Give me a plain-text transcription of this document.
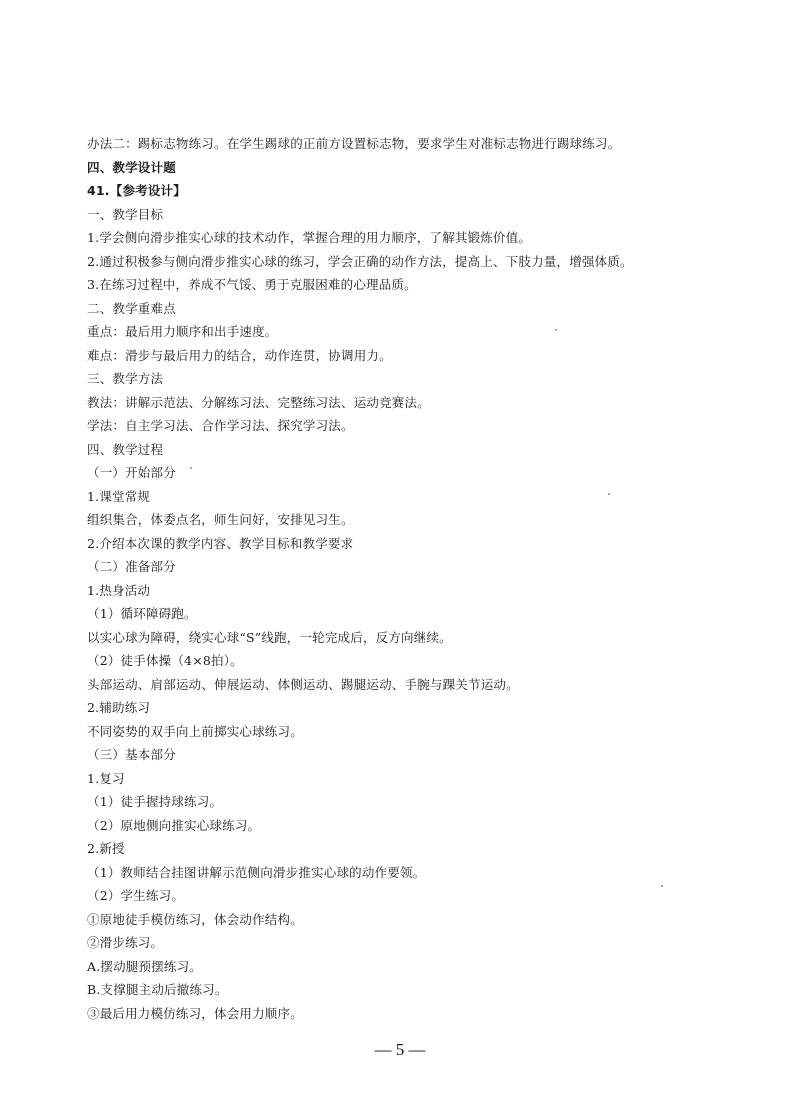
办法二：踢标志物练习。在学生踢球的正前方设置标志物，要求学生对准标志物进行踢球练习。
四、教学设计题
41.【参考设计】
一、教学目标
1.学会侧向滑步推实心球的技术动作，掌握合理的用力顺序，了解其锻炼价值。
2.通过积极参与侧向滑步推实心球的练习，学会正确的动作方法，提高上、下肢力量，增强体质。
3.在练习过程中，养成不气馁、勇于克服困难的心理品质。
二、教学重难点
重点：最后用力顺序和出手速度。
难点：滑步与最后用力的结合，动作连贯，协调用力。
三、教学方法
教法：讲解示范法、分解练习法、完整练习法、运动竞赛法。
学法：自主学习法、合作学习法、探究学习法。
四、教学过程
（一）开始部分
1.课堂常规
组织集合，体委点名，师生问好，安排见习生。
2.介绍本次课的教学内容、教学目标和教学要求
（二）准备部分
1.热身活动
（1）循环障碍跑。
以实心球为障碍，绕实心球“S”线跑，一轮完成后，反方向继续。
（2）徒手体操（4×8拍）。
头部运动、肩部运动、伸展运动、体侧运动、踢腿运动、手腕与踝关节运动。
2.辅助练习
不同姿势的双手向上前掷实心球练习。
（三）基本部分
1.复习
（1）徒手握持球练习。
（2）原地侧向推实心球练习。
2.新授
（1）教师结合挂图讲解示范侧向滑步推实心球的动作要领。
（2）学生练习。
①原地徒手模仿练习，体会动作结构。
②滑步练习。
A.摆动腿预摆练习。
B.支撑腿主动后撤练习。
③最后用力模仿练习，体会用力顺序。
— 5 —
